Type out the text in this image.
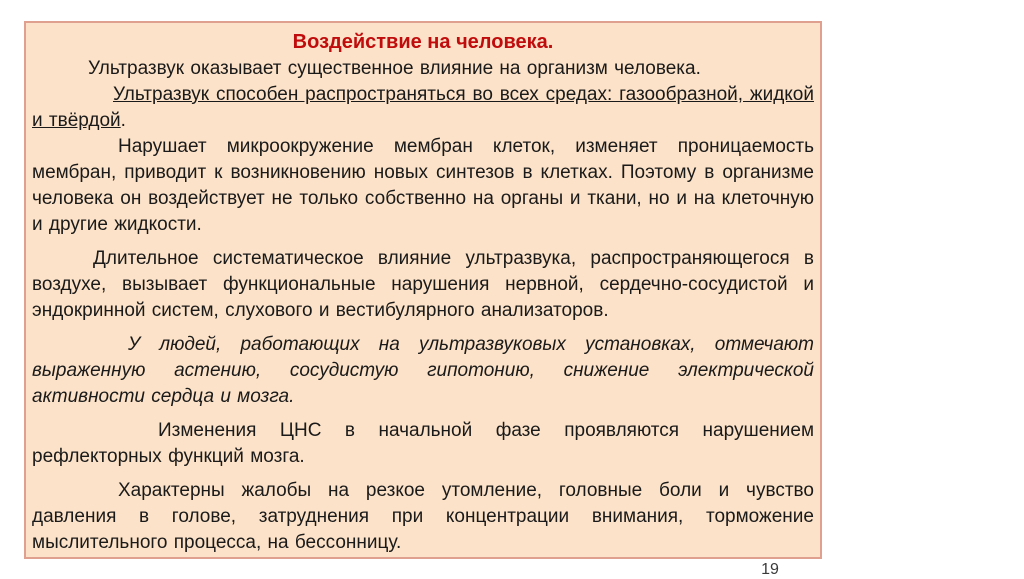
Воздействие на человека.

Ультразвук оказывает существенное влияние на организм человека.

Ультразвук способен распространяться во всех средах: газообразной, жидкой и твёрдой.

Нарушает микроокружение мембран клеток, изменяет проницаемость мембран, приводит к возникновению новых синтезов в клетках. Поэтому в организме человека он воздействует не только собственно на органы и ткани, но и на клеточную и другие жидкости.

Длительное систематическое влияние ультразвука, распространяющегося в воздухе, вызывает функциональные нарушения нервной, сердечно-сосудистой и эндокринной систем, слухового и вестибулярного анализаторов.

У людей, работающих на ультразвуковых установках, отмечают выраженную астению, сосудистую гипотонию, снижение электрической активности сердца и мозга.

Изменения ЦНС в начальной фазе проявляются нарушением рефлекторных функций мозга.

Характерны жалобы на резкое утомление, головные боли и чувство давления в голове, затруднения при концентрации внимания, торможение мыслительного процесса, на бессонницу.

19
